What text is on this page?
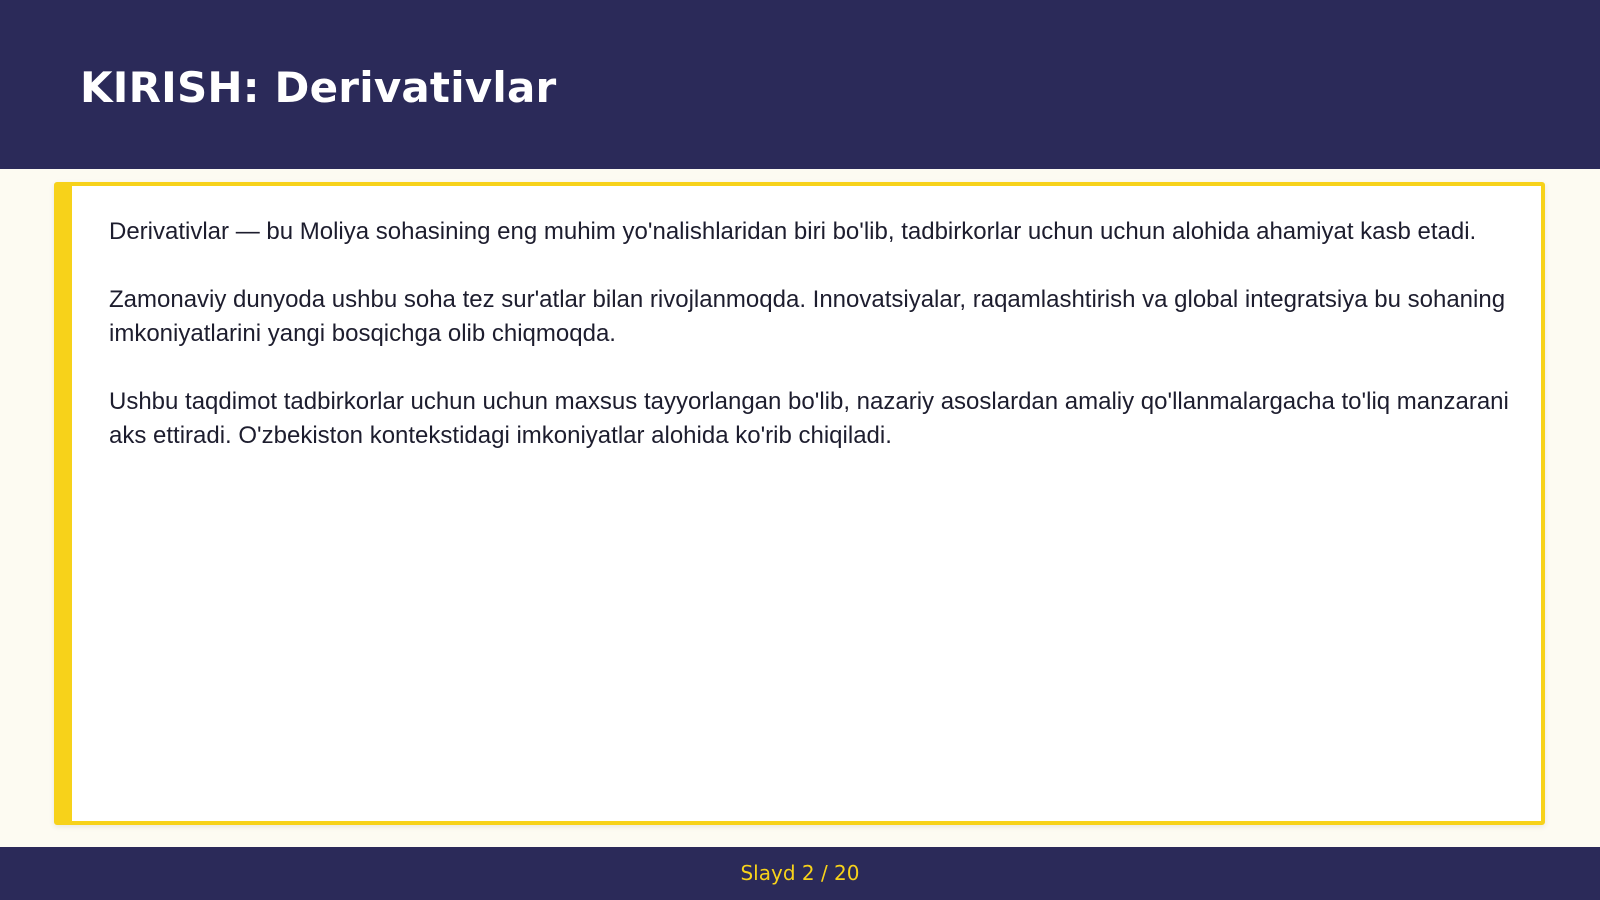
KIRISH: Derivativlar

Derivativlar — bu Moliya sohasining eng muhim yo'nalishlaridan biri bo'lib, tadbirkorlar uchun uchun alohida ahamiyat kasb etadi.

Zamonaviy dunyoda ushbu soha tez sur'atlar bilan rivojlanmoqda. Innovatsiyalar, raqamlashtirish va global integratsiya bu sohaning imkoniyatlarini yangi bosqichga olib chiqmoqda.

Ushbu taqdimot tadbirkorlar uchun uchun maxsus tayyorlangan bo'lib, nazariy asoslardan amaliy qo'llanmalargacha to'liq manzarani aks ettiradi. O'zbekiston kontekstidagi imkoniyatlar alohida ko'rib chiqiladi.

Slayd 2 / 20
